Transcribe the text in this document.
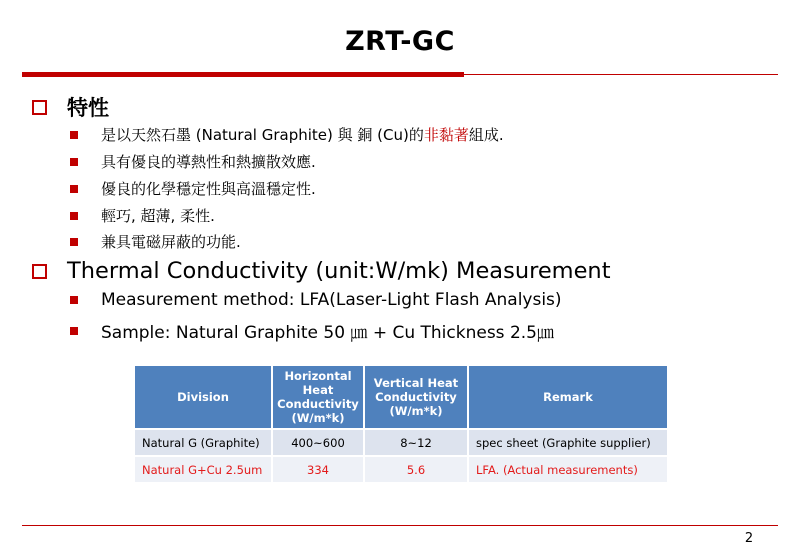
ZRT-GC
特性
是以天然石墨 (Natural Graphite) 與 銅 (Cu)的非黏著組成.
具有優良的導熱性和熱擴散效應.
優良的化學穩定性與高溫穩定性.
輕巧, 超薄, 柔性.
兼具電磁屏蔽的功能.
Thermal Conductivity (unit:W/mk) Measurement
Measurement method: LFA(Laser-Light Flash Analysis)
Sample: Natural Graphite 50 ㎛ + Cu Thickness 2.5㎛
Division	Horizontal Heat Conductivity (W/m*k)	Vertical Heat Conductivity (W/m*k)	Remark
Natural G (Graphite)	400~600	8~12	spec sheet (Graphite supplier)
Natural G+Cu 2.5um	334	5.6	LFA. (Actual measurements)
2
